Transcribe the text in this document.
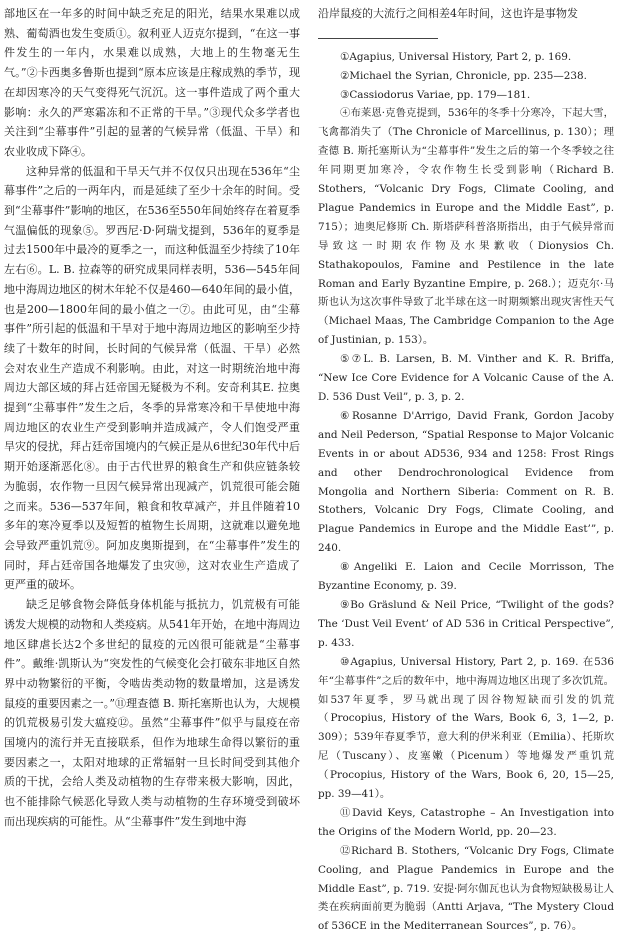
部地区在一年多的时间中缺乏充足的阳光，结果水果难以成熟、葡萄酒也发生变质①。叙利亚人迈克尔提到，“在这一事件发生的一年内，水果难以成熟，大地上的生物毫无生气。”②卡西奥多鲁斯也提到“原本应该是庄稼成熟的季节，现在却因寒冷的天气变得死气沉沉。这一事件造成了两个重大影响：永久的严寒霜冻和不正常的干旱。”③现代众多学者也关注到“尘幕事件”引起的显著的气候异常（低温、干旱）和农业收成下降④。

这种异常的低温和干旱天气并不仅仅只出现在536年“尘幕事件”之后的一两年内，而是延续了至少十余年的时间。受到“尘幕事件”影响的地区，在536至550年间始终存在着夏季气温偏低的现象⑤。罗西尼·D·阿瑞戈提到，536年的夏季是过去1500年中最冷的夏季之一，而这种低温至少持续了10年左右⑥。L. B. 拉森等的研究成果同样表明，536—545年间地中海周边地区的树木年轮不仅是460—640年间的最小值，也是200—1800年间的最小值之一⑦。由此可见，由“尘幕事件”所引起的低温和干旱对于地中海周边地区的影响至少持续了十数年的时间，长时间的气候异常（低温、干旱）必然会对农业生产造成不利影响。由此，对这一时期统治地中海周边大部区域的拜占廷帝国无疑极为不利。安奇利其E. 拉奥提到“尘幕事件”发生之后，冬季的异常寒冷和干旱使地中海周边地区的农业生产受到影响并造成减产，令人们饱受严重旱灾的侵扰，拜占廷帝国境内的气候正是从6世纪30年代中后期开始逐渐恶化⑧。由于古代世界的粮食生产和供应链条较为脆弱，农作物一旦因气候异常出现减产，饥荒很可能会随之而来。536—537年间，粮食和牧草减产，并且伴随着10多年的寒冷夏季以及短暂的植物生长周期，这就难以避免地会导致严重饥荒⑨。阿加皮奥斯提到，在“尘幕事件”发生的同时，拜占廷帝国各地爆发了虫灾⑩，这对农业生产造成了更严重的破坏。

缺乏足够食物会降低身体机能与抵抗力，饥荒极有可能诱发大规模的动物和人类疫病。从541年开始，在地中海周边地区肆虐长达2个多世纪的鼠疫的元凶很可能就是“尘幕事件”。戴维·凯斯认为“突发性的气候变化会打破东非地区自然界中动物繁衍的平衡，令啮齿类动物的数量增加，这是诱发鼠疫的重要因素之一。”⑪理查德 B. 斯托塞斯也认为，大规模的饥荒极易引发大瘟疫⑫。虽然“尘幕事件”似乎与鼠疫在帝国境内的流行并无直接联系，但作为地球生命得以繁衍的重要因素之一，太阳对地球的正常辐射一旦长时间受到其他介质的干扰，会给人类及动植物的生存带来极大影响，因此，也不能排除气候恶化导致人类与动植物的生存环境受到破坏而出现疾病的可能性。从“尘幕事件”发生到地中海

沿岸鼠疫的大流行之间相差4年时间，这也许是事物发

①Agapius, Universal History, Part 2, p. 169.

②Michael the Syrian, Chronicle, pp. 235—238.

③Cassiodorus Variae, pp. 179—181.

④布莱恩·克鲁克提到，536年的冬季十分寒冷，下起大雪，飞禽都消失了（The Chronicle of Marcellinus, p. 130）；理查德 B. 斯托塞斯认为“尘幕事件”发生之后的第一个冬季较之往年同期更加寒冷，令农作物生长受到影响（Richard B. Stothers, “Volcanic Dry Fogs, Climate Cooling, and Plague Pandemics in Europe and the Middle East”, p. 715）；迪奥尼修斯 Ch. 斯塔萨科普洛斯指出，由于气候异常而导致这一时期农作物及水果歉收（Dionysios Ch. Stathakopoulos, Famine and Pestilence in the late Roman and Early Byzantine Empire, p. 268.）；迈克尔·马斯也认为这次事件导致了北半球在这一时期频繁出现灾害性天气（Michael Maas, The Cambridge Companion to the Age of Justinian, p. 153）。

⑤⑦L. B. Larsen, B. M. Vinther and K. R. Briffa, “New Ice Core Evidence for A Volcanic Cause of the A. D. 536 Dust Veil”, p. 3, p. 2.

⑥Rosanne D'Arrigo, David Frank, Gordon Jacoby and Neil Pederson, “Spatial Response to Major Volcanic Events in or about AD536, 934 and 1258: Frost Rings and other Dendrochronological Evidence from Mongolia and Northern Siberia: Comment on R. B. Stothers, Volcanic Dry Fogs, Climate Cooling, and Plague Pandemics in Europe and the Middle East’”, p. 240.

⑧Angeliki E. Laion and Cecile Morrisson, The Byzantine Economy, p. 39.

⑨Bo Gräslund & Neil Price, “Twilight of the gods? The ‘Dust Veil Event’ of AD 536 in Critical Perspective”, p. 433.

⑩Agapius, Universal History, Part 2, p. 169. 在536年“尘幕事件”之后的数年中，地中海周边地区出现了多次饥荒。如537年夏季，罗马就出现了因谷物短缺而引发的饥荒（Procopius, History of the Wars, Book 6, 3, 1—2, p. 309）；539年春夏季节，意大利的伊米利亚（Emilia）、托斯坎尼（Tuscany）、皮塞嫩（Picenum）等地爆发严重饥荒（Procopius, History of the Wars, Book 6, 20, 15—25, pp. 39—41）。

⑪David Keys, Catastrophe – An Investigation into the Origins of the Modern World, pp. 20—23.

⑫Richard B. Stothers, “Volcanic Dry Fogs, Climate Cooling, and Plague Pandemics in Europe and the Middle East”, p. 719. 安提·阿尔伽瓦也认为食物短缺极易让人类在疾病面前更为脆弱（Antti Arjava, “The Mystery Cloud of 536CE in the Mediterranean Sources”, p. 76）。
